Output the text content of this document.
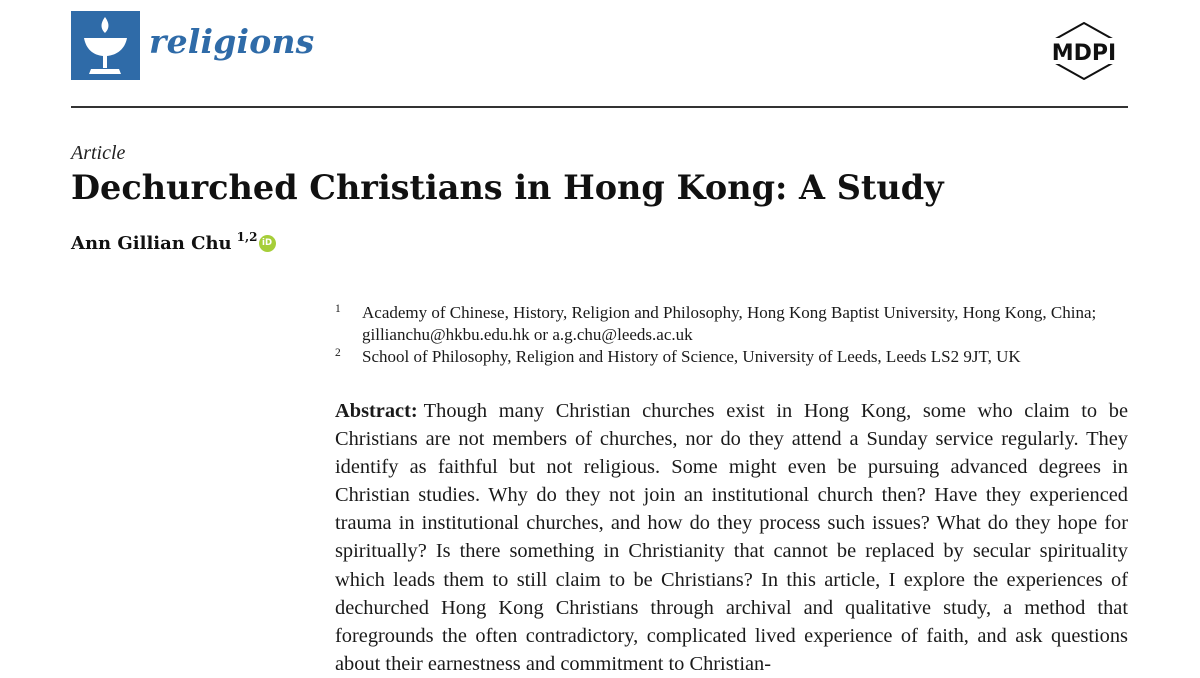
religions	MDPI
Article
Dechurched Christians in Hong Kong: A Study
Ann Gillian Chu $^{1,2}$ iD
1 Academy of Chinese, History, Religion and Philosophy, Hong Kong Baptist University, Hong Kong, China;
gillianchu@hkbu.edu.hk or a.g.chu@leeds.ac.uk
2 School of Philosophy, Religion and History of Science, University of Leeds, Leeds LS2 9JT, UK

Abstract: Though many Christian churches exist in Hong Kong, some who claim to be Christians are not members of churches, nor do they attend a Sunday service regularly. They identify as faithful but not religious. Some might even be pursuing advanced degrees in Christian studies. Why do they not join an institutional church then? Have they experienced trauma in institutional churches, and how do they process such issues? What do they hope for spiritually? Is there something in Christianity that cannot be replaced by secular spirituality which leads them to still claim to be Christians? In this article, I explore the experiences of dechurched Hong Kong Christians through archival and qualitative study, a method that foregrounds the often contradictory, complicated lived experience of faith, and ask questions about their earnestness and commitment to Christian-
